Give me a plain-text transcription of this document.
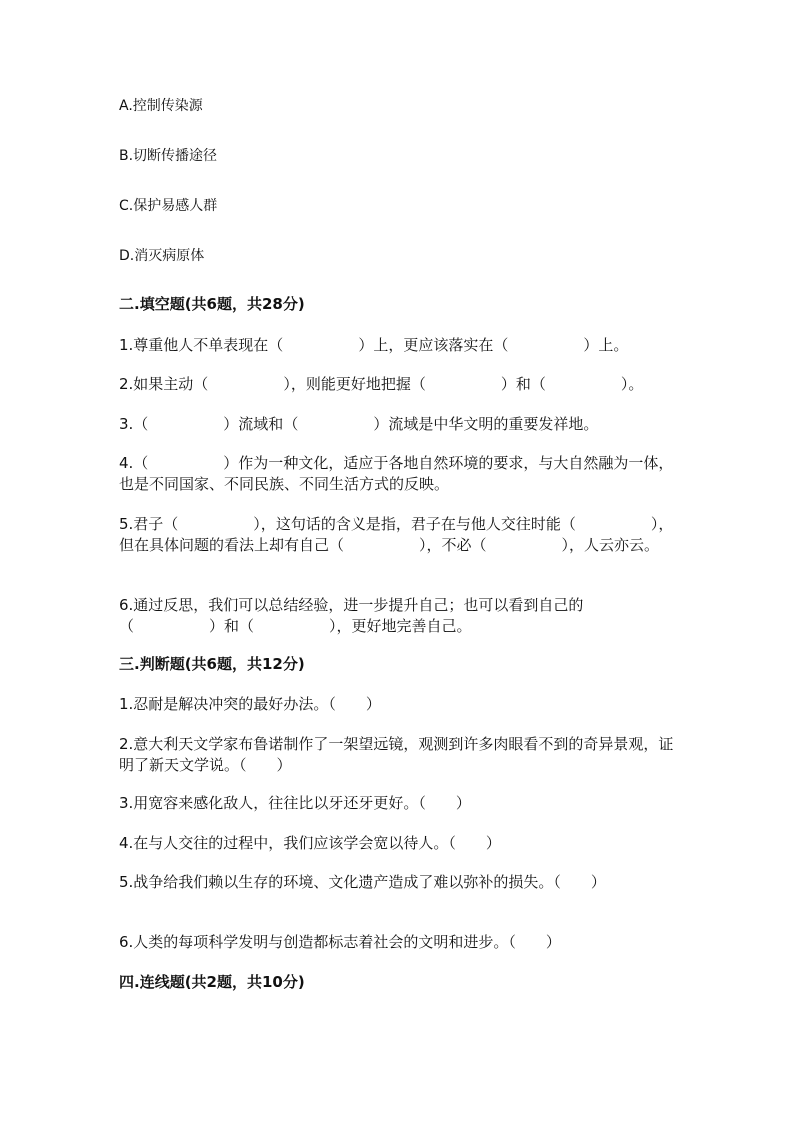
A.控制传染源

B.切断传播途径

C.保护易感人群

D.消灭病原体

二.填空题(共6题，共28分)

1.尊重他人不单表现在（　　　　　）上，更应该落实在（　　　　　）上。

2.如果主动（　　　　　），则能更好地把握（　　　　　）和（　　　　　）。

3.（　　　　　）流域和（　　　　　）流域是中华文明的重要发祥地。

4.（　　　　　）作为一种文化，适应于各地自然环境的要求，与大自然融为一体，也是不同国家、不同民族、不同生活方式的反映。

5.君子（　　　　　），这句话的含义是指，君子在与他人交往时能（　　　　　），但在具体问题的看法上却有自己（　　　　　），不必（　　　　　），人云亦云。

6.通过反思，我们可以总结经验，进一步提升自己；也可以看到自己的（　　　　　）和（　　　　　），更好地完善自己。

三.判断题(共6题，共12分)

1.忍耐是解决冲突的最好办法。（　　）

2.意大利天文学家布鲁诺制作了一架望远镜，观测到许多肉眼看不到的奇异景观，证明了新天文学说。（　　）

3.用宽容来感化敌人，往往比以牙还牙更好。（　　）

4.在与人交往的过程中，我们应该学会宽以待人。（　　）

5.战争给我们赖以生存的环境、文化遗产造成了难以弥补的损失。（　　）

6.人类的每项科学发明与创造都标志着社会的文明和进步。（　　）

四.连线题(共2题，共10分)
